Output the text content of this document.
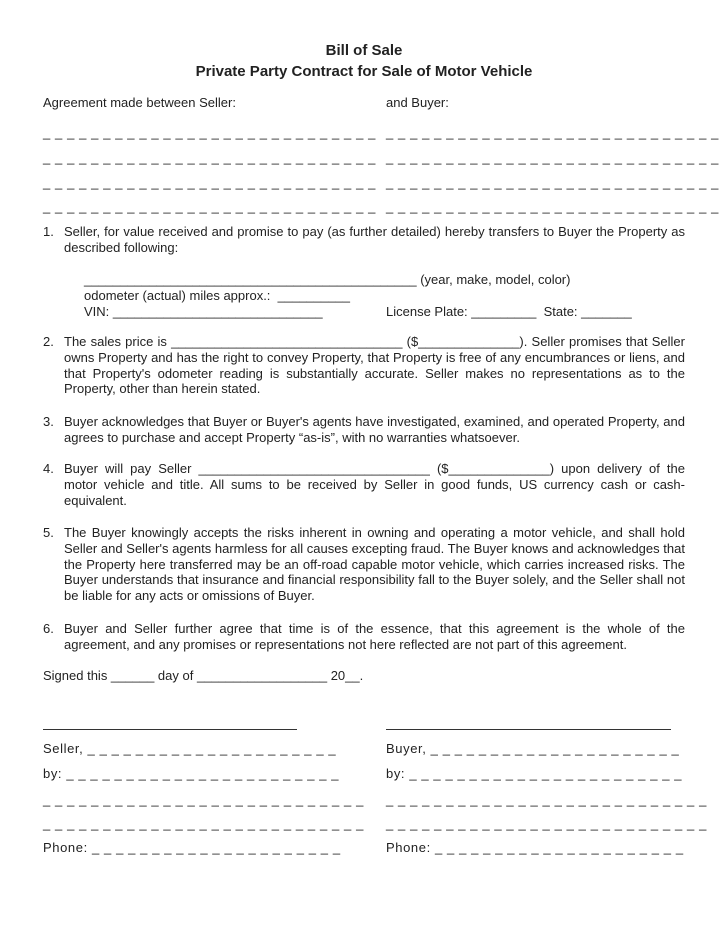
Bill of Sale
Private Party Contract for Sale of Motor Vehicle
Agreement made between Seller:	and Buyer:
_ _ _ _ _ _ _ _ _ _ _ _ _ _ _ _ _ _ _ _ _ _ _ _ _ _ _ _
_ _ _ _ _ _ _ _ _ _ _ _ _ _ _ _ _ _ _ _ _ _ _ _ _ _ _ _
_ _ _ _ _ _ _ _ _ _ _ _ _ _ _ _ _ _ _ _ _ _ _ _ _ _ _ _
_ _ _ _ _ _ _ _ _ _ _ _ _ _ _ _ _ _ _ _ _ _ _ _ _ _ _ _
_ _ _ _ _ _ _ _ _ _ _ _ _ _ _ _ _ _ _ _ _ _ _ _ _ _ _ _
_ _ _ _ _ _ _ _ _ _ _ _ _ _ _ _ _ _ _ _ _ _ _ _ _ _ _ _
_ _ _ _ _ _ _ _ _ _ _ _ _ _ _ _ _ _ _ _ _ _ _ _ _ _ _ _
_ _ _ _ _ _ _ _ _ _ _ _ _ _ _ _ _ _ _ _ _ _ _ _ _ _ _ _
1. Seller, for value received and promise to pay (as further detailed) hereby transfers to Buyer the Property as described following:
______________________________________________ (year, make, model, color)
odometer (actual) miles approx.:  __________
VIN: _____________________________	License Plate: _________  State: _______
2. The sales price is ________________________________ ($______________). Seller promises that Seller owns Property and has the right to convey Property, that Property is free of any encumbrances or liens, and that Property's odometer reading is substantially accurate. Seller makes no representations as to the Property, other than herein stated.
3. Buyer acknowledges that Buyer or Buyer's agents have investigated, examined, and operated Property, and agrees to purchase and accept Property “as-is”, with no warranties whatsoever.
4. Buyer will pay Seller ________________________________ ($______________) upon delivery of the motor vehicle and title. All sums to be received by Seller in good funds, US currency cash or cash-equivalent.
5. The Buyer knowingly accepts the risks inherent in owning and operating a motor vehicle, and shall hold Seller and Seller's agents harmless for all causes excepting fraud. The Buyer knows and acknowledges that the Property here transferred may be an off-road capable motor vehicle, which carries increased risks. The Buyer understands that insurance and financial responsibility fall to the Buyer solely, and the Seller shall not be liable for any acts or omissions of Buyer.
6. Buyer and Seller further agree that time is of the essence, that this agreement is the whole of the agreement, and any promises or representations not here reflected are not part of this agreement.
Signed this ______ day of __________________ 20__.
Seller, _ _ _ _ _ _ _ _ _ _ _ _ _ _ _ _ _ _ _ _ _
by: _ _ _ _ _ _ _ _ _ _ _ _ _ _ _ _ _ _ _ _ _ _ _
_ _ _ _ _ _ _ _ _ _ _ _ _ _ _ _ _ _ _ _ _ _ _ _ _ _ _
_ _ _ _ _ _ _ _ _ _ _ _ _ _ _ _ _ _ _ _ _ _ _ _ _ _ _
Phone: _ _ _ _ _ _ _ _ _ _ _ _ _ _ _ _ _ _ _ _ _
Buyer, _ _ _ _ _ _ _ _ _ _ _ _ _ _ _ _ _ _ _ _ _
by: _ _ _ _ _ _ _ _ _ _ _ _ _ _ _ _ _ _ _ _ _ _ _
_ _ _ _ _ _ _ _ _ _ _ _ _ _ _ _ _ _ _ _ _ _ _ _ _ _ _
_ _ _ _ _ _ _ _ _ _ _ _ _ _ _ _ _ _ _ _ _ _ _ _ _ _ _
Phone: _ _ _ _ _ _ _ _ _ _ _ _ _ _ _ _ _ _ _ _ _
